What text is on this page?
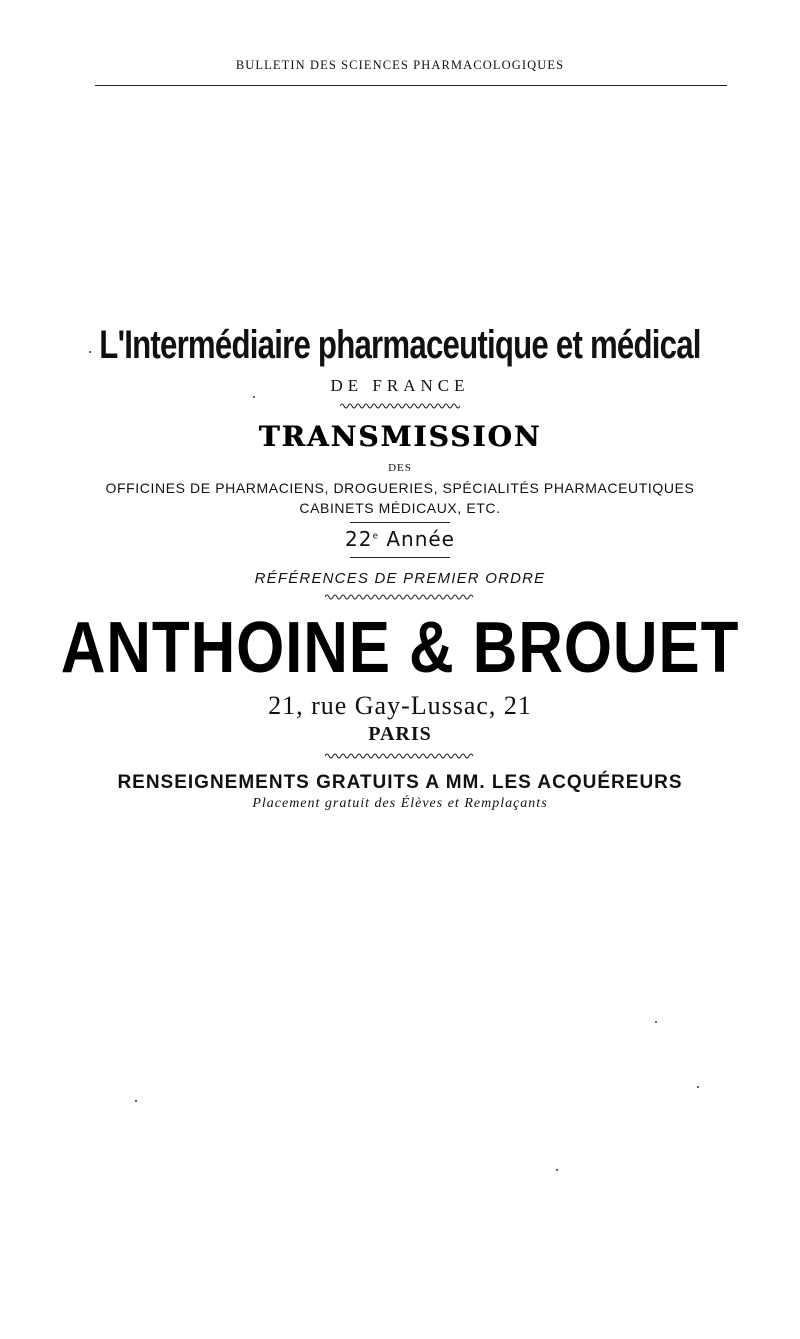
BULLETIN DES SCIENCES PHARMACOLOGIQUES
L'Intermédiaire pharmaceutique et médical
DE FRANCE
TRANSMISSION
DES
OFFICINES DE PHARMACIENS, DROGUERIES, SPÉCIALITÉS PHARMACEUTIQUES
CABINETS MÉDICAUX, ETC.
22e Année
RÉFÉRENCES DE PREMIER ORDRE
ANTHOINE & BROUET
21, rue Gay-Lussac, 21
PARIS
RENSEIGNEMENTS GRATUITS A MM. LES ACQUÉREURS
Placement gratuit des Élèves et Remplaçants
